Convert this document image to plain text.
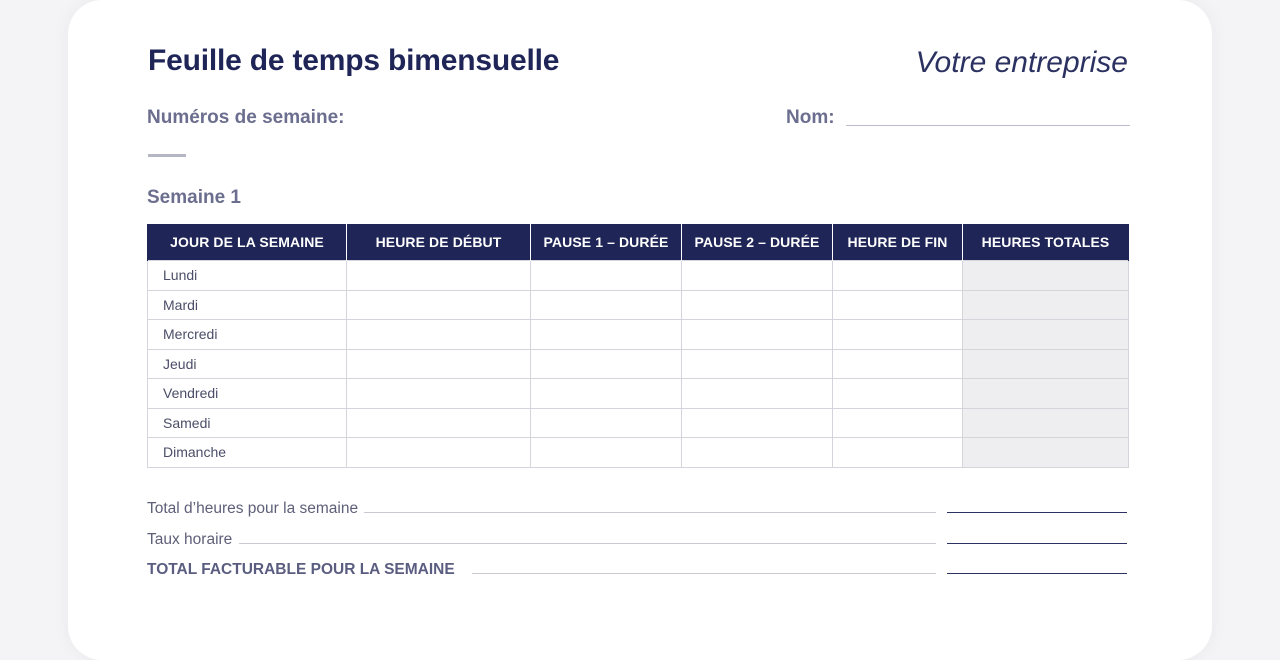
Feuille de temps bimensuelle	Votre entreprise
Numéros de semaine:	Nom:
Semaine 1
JOUR DE LA SEMAINE	HEURE DE DÉBUT	PAUSE 1 – DURÉE	PAUSE 2 – DURÉE	HEURE DE FIN	HEURES TOTALES
Lundi					
Mardi					
Mercredi					
Jeudi					
Vendredi					
Samedi					
Dimanche					
Total d’heures pour la semaine
Taux horaire
TOTAL FACTURABLE POUR LA SEMAINE
